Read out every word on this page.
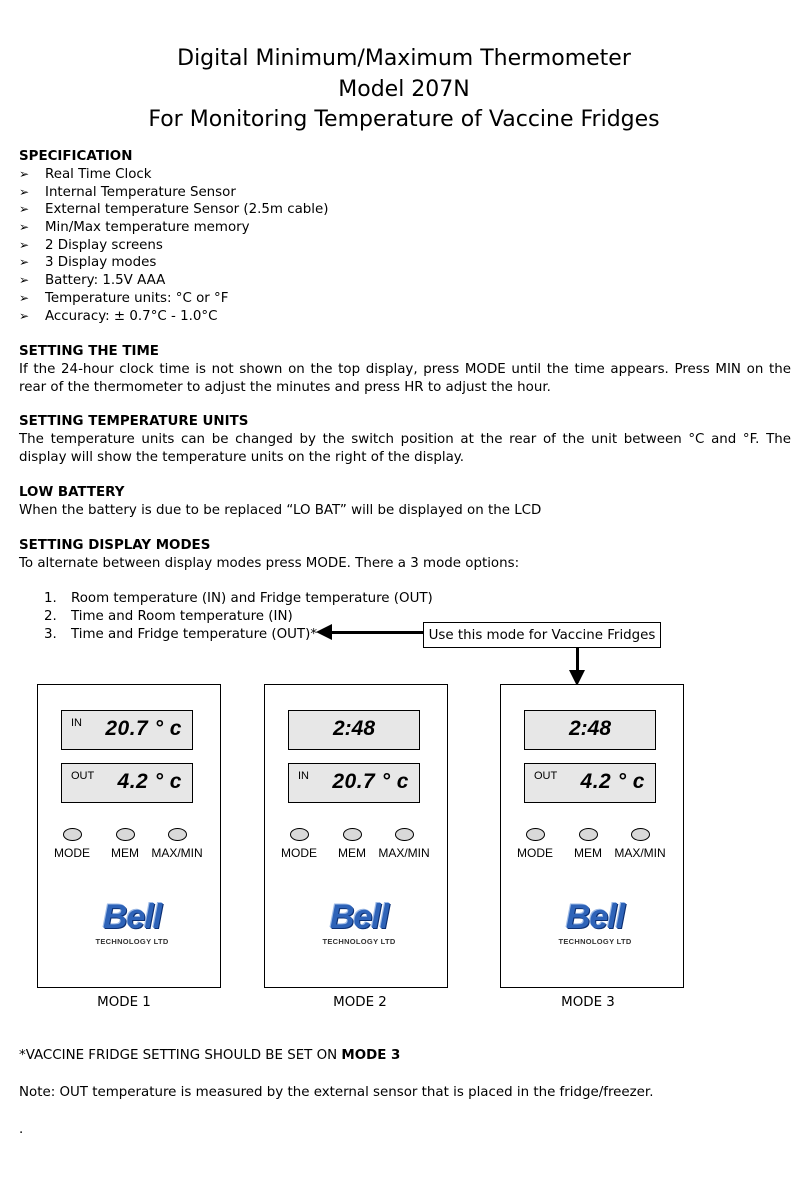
Digital Minimum/Maximum Thermometer
Model 207N
For Monitoring Temperature of Vaccine Fridges

SPECIFICATION

➢ Real Time Clock
➢ Internal Temperature Sensor
➢ External temperature Sensor (2.5m cable)
➢ Min/Max temperature memory
➢ 2 Display screens
➢ 3 Display modes
➢ Battery: 1.5V AAA
➢ Temperature units: °C or °F
➢ Accuracy: ± 0.7°C - 1.0°C

SETTING THE TIME

If the 24-hour clock time is not shown on the top display, press MODE until the time appears. Press MIN on the rear of the thermometer to adjust the minutes and press HR to adjust the hour.

SETTING TEMPERATURE UNITS

The temperature units can be changed by the switch position at the rear of the unit between °C and °F. The display will show the temperature units on the right of the display.

LOW BATTERY

When the battery is due to be replaced “LO BAT” will be displayed on the LCD

SETTING DISPLAY MODES

To alternate between display modes press MODE. There a 3 mode options:

1. Room temperature (IN) and Fridge temperature (OUT)
2. Time and Room temperature (IN)
3. Time and Fridge temperature (OUT)*	Use this mode for Vaccine Fridges
IN 20.7 ° c
OUT 4.2 ° c
MODE	MEM	MAX/MIN
Bell
TECHNOLOGY LTD
2:48
IN 20.7 ° c
MODE	MEM	MAX/MIN
Bell
TECHNOLOGY LTD
2:48
OUT 4.2 ° c
MODE	MEM	MAX/MIN
Bell
TECHNOLOGY LTD
MODE 1	MODE 2	MODE 3

*VACCINE FRIDGE SETTING SHOULD BE SET ON MODE 3

Note: OUT temperature is measured by the external sensor that is placed in the fridge/freezer.

.
